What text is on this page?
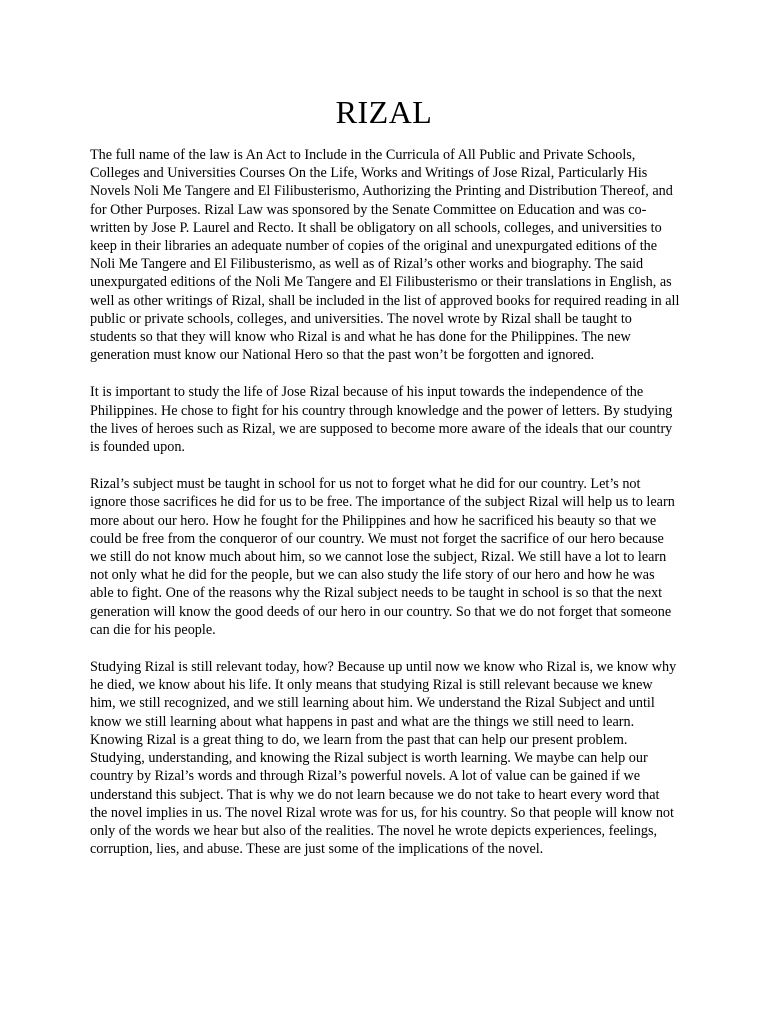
RIZAL

The full name of the law is An Act to Include in the Curricula of All Public and Private Schools, Colleges and Universities Courses On the Life, Works and Writings of Jose Rizal, Particularly His Novels Noli Me Tangere and El Filibusterismo, Authorizing the Printing and Distribution Thereof, and for Other Purposes. Rizal Law was sponsored by the Senate Committee on Education and was co-written by Jose P. Laurel and Recto. It shall be obligatory on all schools, colleges, and universities to keep in their libraries an adequate number of copies of the original and unexpurgated editions of the Noli Me Tangere and El Filibusterismo, as well as of Rizal’s other works and biography. The said unexpurgated editions of the Noli Me Tangere and El Filibusterismo or their translations in English, as well as other writings of Rizal, shall be included in the list of approved books for required reading in all public or private schools, colleges, and universities. The novel wrote by Rizal shall be taught to students so that they will know who Rizal is and what he has done for the Philippines. The new generation must know our National Hero so that the past won’t be forgotten and ignored.

It is important to study the life of Jose Rizal because of his input towards the independence of the Philippines. He chose to fight for his country through knowledge and the power of letters. By studying the lives of heroes such as Rizal, we are supposed to become more aware of the ideals that our country is founded upon.

Rizal’s subject must be taught in school for us not to forget what he did for our country. Let’s not ignore those sacrifices he did for us to be free. The importance of the subject Rizal will help us to learn more about our hero. How he fought for the Philippines and how he sacrificed his beauty so that we could be free from the conqueror of our country. We must not forget the sacrifice of our hero because we still do not know much about him, so we cannot lose the subject, Rizal. We still have a lot to learn not only what he did for the people, but we can also study the life story of our hero and how he was able to fight. One of the reasons why the Rizal subject needs to be taught in school is so that the next generation will know the good deeds of our hero in our country. So that we do not forget that someone can die for his people.

Studying Rizal is still relevant today, how? Because up until now we know who Rizal is, we know why he died, we know about his life. It only means that studying Rizal is still relevant because we knew him, we still recognized, and we still learning about him. We understand the Rizal Subject and until know we still learning about what happens in past and what are the things we still need to learn. Knowing Rizal is a great thing to do, we learn from the past that can help our present problem. Studying, understanding, and knowing the Rizal subject is worth learning. We maybe can help our country by Rizal’s words and through Rizal’s powerful novels. A lot of value can be gained if we understand this subject. That is why we do not learn because we do not take to heart every word that the novel implies in us. The novel Rizal wrote was for us, for his country. So that people will know not only of the words we hear but also of the realities. The novel he wrote depicts experiences, feelings, corruption, lies, and abuse. These are just some of the implications of the novel.
